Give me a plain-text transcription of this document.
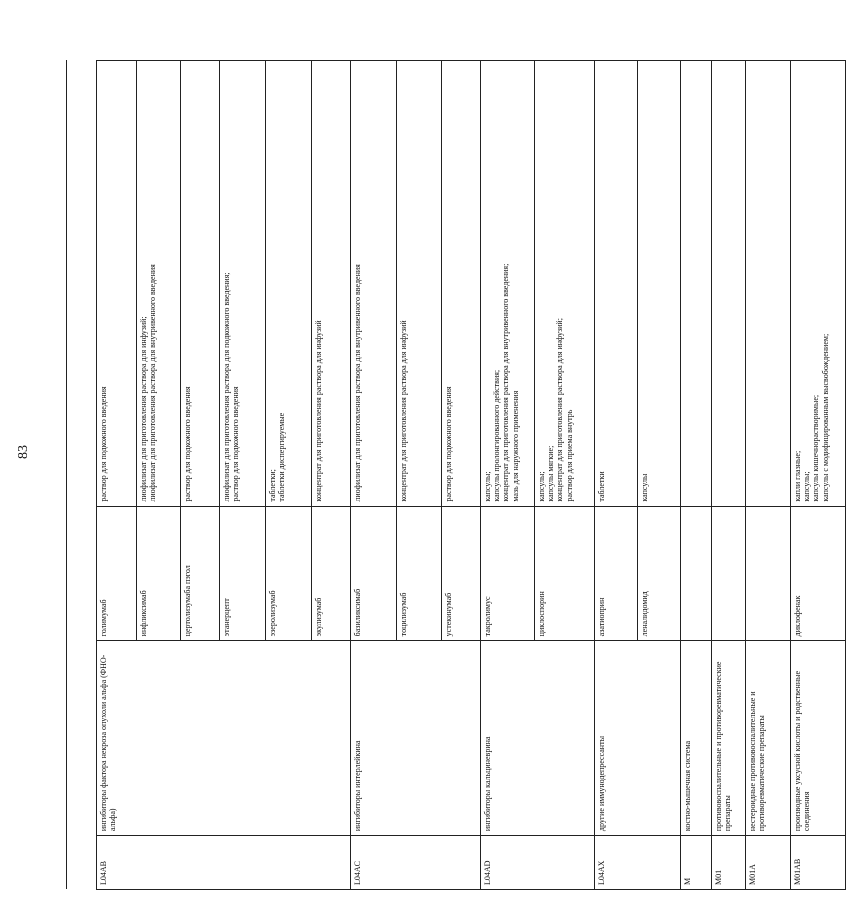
83

L04AB	ингибиторы фактора некроза опухоли альфа (ФНО-альфа)	голимумаб	раствор для подкожного введения
		инфликсимаб	лиофилизат для приготовления раствора для инфузий;
лиофилизат для приготовления раствора для внутривенного введения
		цертолизумаба пэгол	раствор для подкожного введения
		этанерцепт	лиофилизат для приготовления раствора для подкожного введения;
раствор для подкожного введения
		эзеролизумаб	таблетки;
таблетки диспергируемые
		экулизумаб	концентрат для приготовления раствора для инфузий
L04AC	ингибиторы интерлейкина	базиликсимаб	лиофилизат для приготовления раствора для внутривенного введения
		тоцилизумаб	концентрат для приготовления раствора для инфузий
		устекинумаб	раствор для подкожного введения
L04AD	ингибиторы кальциневрина	такролимус	капсулы;
капсулы пролонгированного действия;
концентрат для приготовления раствора для внутривенного введения;
мазь для наружного применения
		циклоспорин	капсулы;
капсулы мягкие;
концентрат для приготовления раствора для инфузий;
раствор для приема внутрь
L04AX	другие иммунодепрессанты	азатиоприн	таблетки
		леналидомид	капсулы
M	костно-мышечная система		
M01	противовоспалительные и противоревматические препараты		
M01A	нестероидные противовоспалительные и противоревматические препараты		
M01AB	производные уксусной кислоты и родственные соединения	диклофенак	капли глазные;
капсулы;
капсулы кишечнорастворимые;
капсулы с модифицированным высвобождением;
